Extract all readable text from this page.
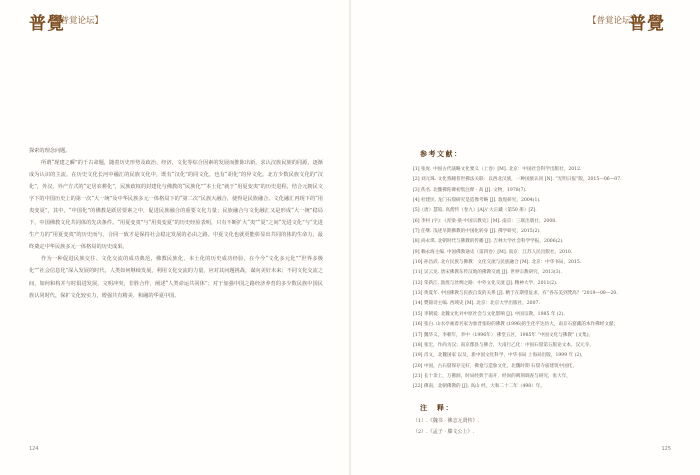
普覺
【普覚论坛】

探索的理念问题。

所谓“现建之瞬”的千古命题，随着历史形势及政治、经济、文化等综合因素的发展而推陈出新，求认汉族民族的同源，逐渐成为认识的主流。在历史文化长河中融汇的民族文化中，既有“汉化”的同文化，也有“胡化”的异文化。北方少数民族文化的“汉化”，外汉、外产方式的“定居农耕化”，民族政权的封建化与佛教的“民族化”“本土化”就于“用夏变夷”的历史进程，结合元朝民文字下的中国历史上的第一次“大一统”及中华民族多元一体格局下的“第二次”民族大融合，使得是民族融合、文化融汇再现下的“用夷变夏”，其中，“中国化”的佛教是跃居要素之中，促进民族融合的重要文化力量；民族融合与文化融汇又是形成“大一统”稳局下，中国佛教文化共同体的先决条件。“用夏变夷”与“用夷变夏”的历史经验表明，只有不断扩大“夷”“夏”之间“先进文化”与“先进生产力的“用夏变夷”的历史而与，合同一致才是保持社会稳定发展的必由之路。中夏文化也就更能彰显出共同的体的生命力，最终奠定中华民族多元一体格局的历史成果。

作为一种促进民族交往、文化交流的成功典范，佛教民族化、本土化的历史成功经验，在今今“文化多元化”“世界多极化”“社会信息化”深入发展的时代，人类如何继续发展，利用文化交流的力量，应对其问题挑战，谋向美好未来；不同文化交流之间，如何和构并与时俱进发展，文明冲突，非胜合作，阐述“人类命运共同体”；对于加强中国之路经济养育的多少数民族中国民族认同时代，保扩文化较实力，增强共有精美、和融的华夏中国。

124
【普覚论坛】
普覺
参考文献：
[1] 张虎. 中国古代战略文化要义（上卷）[M]. 北京：中国社会科学出版社，2012.
[2] 刘元珠. 文化熟睡普世佛法关联：以西北汉族，一种国族认同 [N]. “光明日报”版，2015—06—07.
[3] 佚名. 北魏佛陀碑初集注释 · 高 [J]. 文物，1978(7).
[4] 杜建民. 龙门石窟研究是造像考略 [J]. 敦煌研究，2004(1).
[5]（唐）慧皎. 高僧传（卷九）[A]// 大正藏（第50 册）[Z].
[6] 李村 (字)：《青梁·梁·中国宗教史》[M]. 南京：三联出版社，2008.
[7] 任继. 浅述早期佛教的中国化转身 [J]. 佛学研究，2015(2).
[8] 尚永琪. 北朝时代与佛教的传播 [J]. 吉林大学社会科学学报，2006(2).
[9] 赖永海主编. 中国佛教通史（第四卷）[M]. 南京：江苏人民出版社，2010.
[10] 孙昌武. 北方民族与佛教：文化交流与民族融合 [M]. 北京：中华书局，2015.
[11] 吴云龙. 唐宋佛教东传汉地的佛教交流 [J]. 世界宗教研究，2013(3).
[12] 荣新江. 敦煌与丝绸之路：中外文化交流 [J]. 精神大学，2011(2).
[13] 黄夏年. 中国佛教与民族自发的关系 [J]. 精于在期望征求，有“各东美到梵高？”2019—08—20.
[14] 樊锦诗主编. 西域史 [M]. 北京：北京大学出版社，2007.
[15] 李朝爱. 北魏文化对中原社会与文化影响 [J]. 中国宗教，1985 年 (2).
[16] 张白. 山水亭画着名家为象晋张盼的佛教 (1996)的生化平达仿大，南京石窟藏的本作佛经文献；
[17] 魏华义，李朝年，李中（1996年） 佛堂五区，1985年 “中国文化与佛教” (文集)，
[18] 张宏，作尚为汉；南京郡县与佛合，大南行乙化：中国石窟第五版论文本，汉元寺，
[19] 肖文，北魏国家 以及，新中国文化科学，中华书局 上海局出版，1999 年 (2)，
[20] 中国，古石窟保存完好，佛龛与造象文化，北魏时期 石窟寺庙建筑中国化，
[21] 长十余上，万佛洞，时局经典于南开，经尚的碑刻调查与研究，张大年，
[22] 佛南，北朝佛教的 [J]. 高山 经，大和二十二年（498）年。
注　释：
（1）.《魏书 · 佛志元贤传》.
（2）.《孟子 · 滕文公上》.
125
